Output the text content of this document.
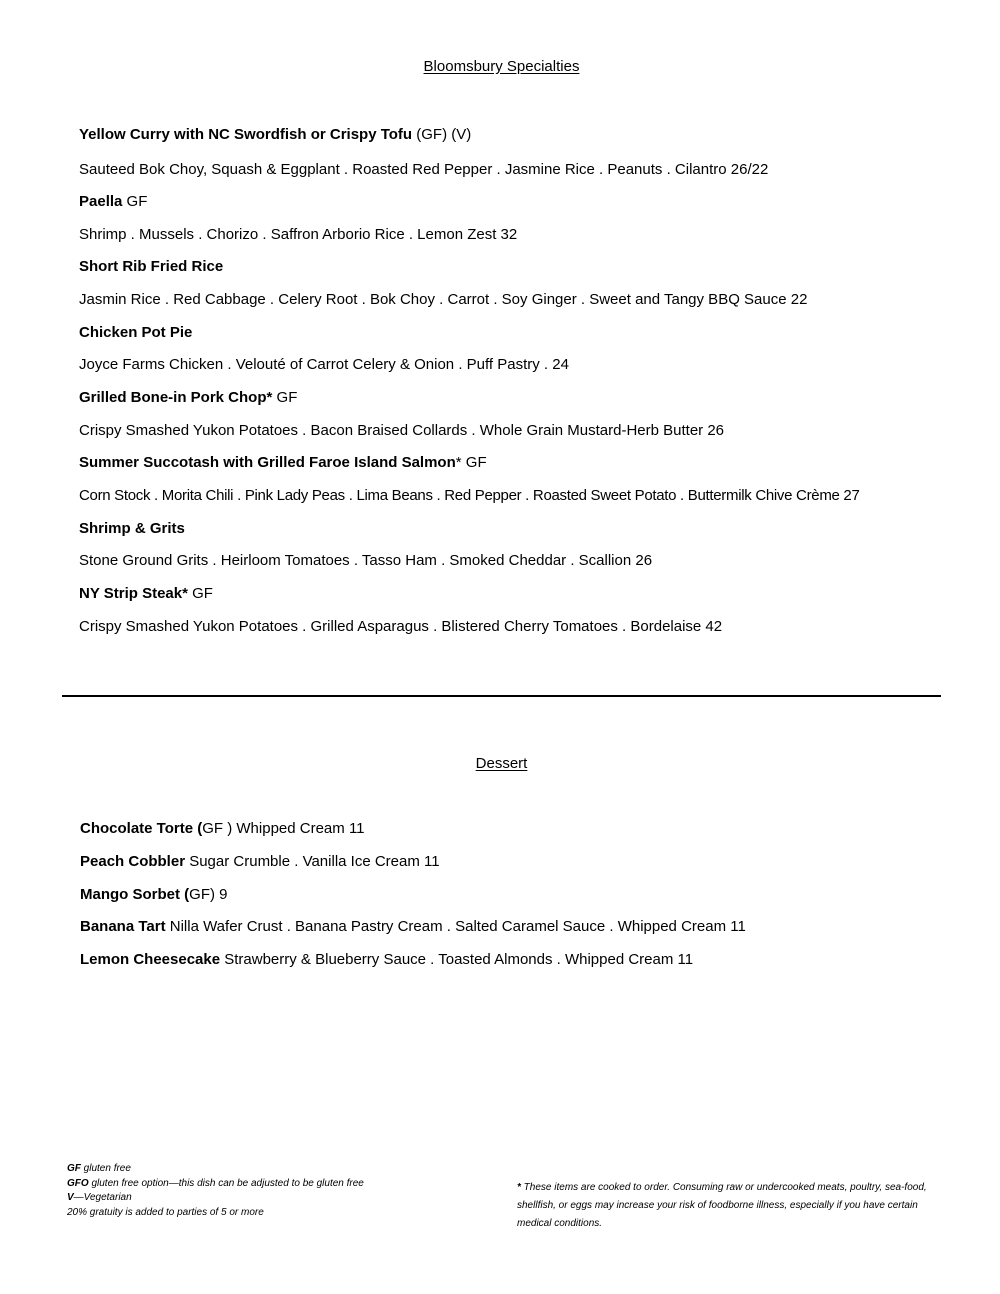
Bloomsbury Specialties
Yellow Curry with NC Swordfish or Crispy Tofu (GF) (V)
Sauteed Bok Choy, Squash & Eggplant . Roasted Red Pepper . Jasmine Rice . Peanuts . Cilantro 26/22
Paella GF
Shrimp . Mussels . Chorizo . Saffron Arborio Rice . Lemon Zest 32
Short Rib Fried Rice
Jasmin Rice . Red Cabbage . Celery Root . Bok Choy . Carrot . Soy Ginger . Sweet and Tangy BBQ Sauce 22
Chicken Pot Pie
Joyce Farms Chicken . Velouté of Carrot Celery & Onion . Puff Pastry . 24
Grilled Bone-in Pork Chop* GF
Crispy Smashed Yukon Potatoes . Bacon Braised Collards . Whole Grain Mustard-Herb Butter 26
Summer Succotash with Grilled Faroe Island Salmon* GF
Corn Stock . Morita Chili . Pink Lady Peas . Lima Beans . Red Pepper . Roasted Sweet Potato . Buttermilk Chive Crème 27
Shrimp & Grits
Stone Ground Grits . Heirloom Tomatoes . Tasso Ham . Smoked Cheddar . Scallion 26
NY Strip Steak* GF
Crispy Smashed Yukon Potatoes . Grilled Asparagus . Blistered Cherry Tomatoes . Bordelaise 42
Dessert
Chocolate Torte (GF ) Whipped Cream 11
Peach Cobbler Sugar Crumble . Vanilla Ice Cream 11
Mango Sorbet (GF) 9
Banana Tart Nilla Wafer Crust . Banana Pastry Cream . Salted Caramel Sauce . Whipped Cream 11
Lemon Cheesecake Strawberry & Blueberry Sauce . Toasted Almonds . Whipped Cream 11
GF gluten free
GFO gluten free option—this dish can be adjusted to be gluten free
V—Vegetarian
20% gratuity is added to parties of 5 or more
* These items are cooked to order. Consuming raw or undercooked meats, poultry, sea-food, shellfish, or eggs may increase your risk of foodborne illness, especially if you have certain medical conditions.
